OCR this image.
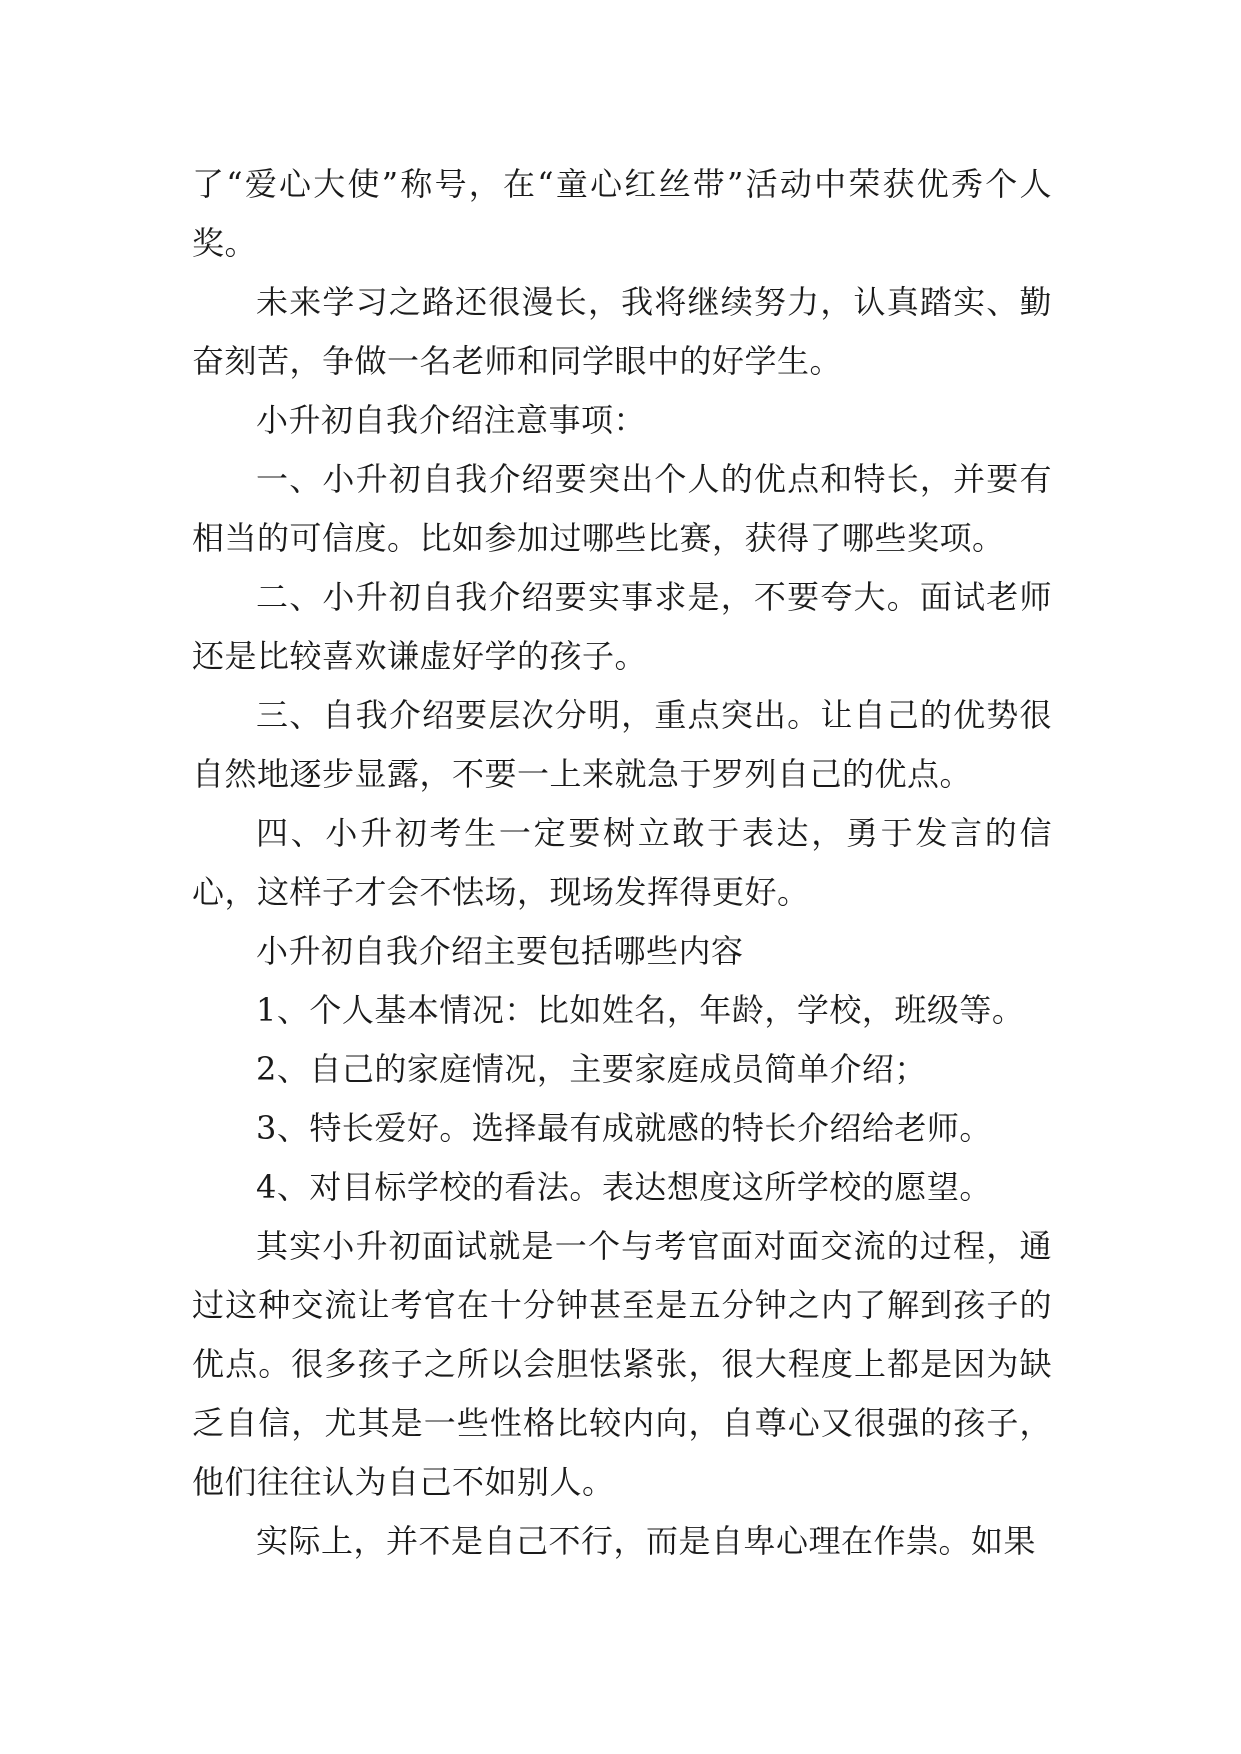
了“爱心大使”称号，在“童心红丝带”活动中荣获优秀个人奖。

未来学习之路还很漫长，我将继续努力，认真踏实、勤奋刻苦，争做一名老师和同学眼中的好学生。

小升初自我介绍注意事项：

一、小升初自我介绍要突出个人的优点和特长，并要有相当的可信度。比如参加过哪些比赛，获得了哪些奖项。

二、小升初自我介绍要实事求是，不要夸大。面试老师还是比较喜欢谦虚好学的孩子。

三、自我介绍要层次分明，重点突出。让自己的优势很自然地逐步显露，不要一上来就急于罗列自己的优点。

四、小升初考生一定要树立敢于表达，勇于发言的信心，这样子才会不怯场，现场发挥得更好。

小升初自我介绍主要包括哪些内容

1、个人基本情况：比如姓名，年龄，学校，班级等。

2、自己的家庭情况，主要家庭成员简单介绍；

3、特长爱好。选择最有成就感的特长介绍给老师。

4、对目标学校的看法。表达想度这所学校的愿望。

其实小升初面试就是一个与考官面对面交流的过程，通过这种交流让考官在十分钟甚至是五分钟之内了解到孩子的优点。很多孩子之所以会胆怯紧张，很大程度上都是因为缺乏自信，尤其是一些性格比较内向，自尊心又很强的孩子，他们往往认为自己不如别人。

实际上，并不是自己不行，而是自卑心理在作祟。如果
